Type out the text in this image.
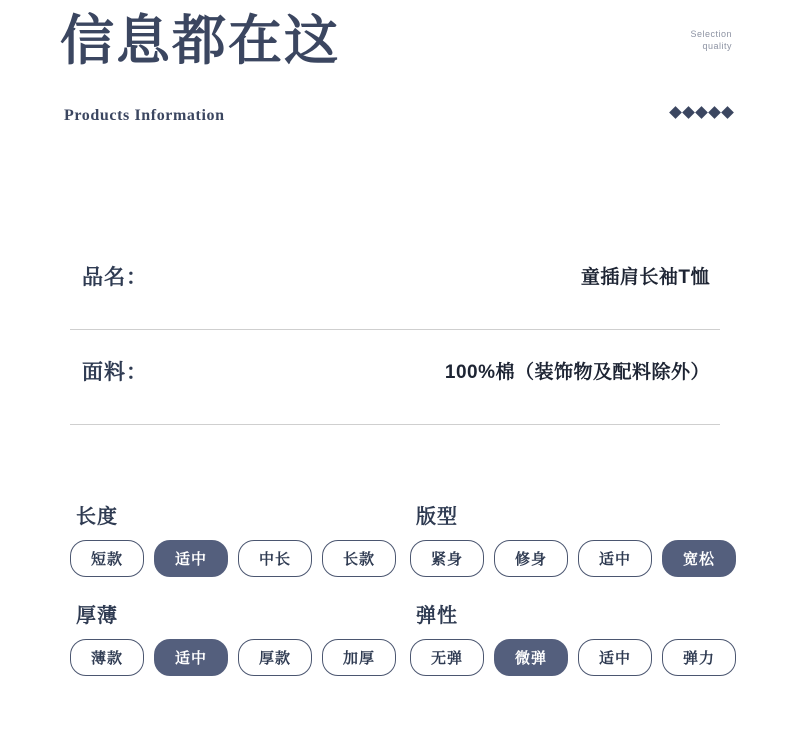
信息都在这
Products Information
Selection
quality
品名：	童插肩长袖T恤
面料：	100%棉（装饰物及配料除外）
长度
短款	适中	中长	长款
版型
紧身	修身	适中	宽松
厚薄
薄款	适中	厚款	加厚
弹性
无弹	微弹	适中	弹力
